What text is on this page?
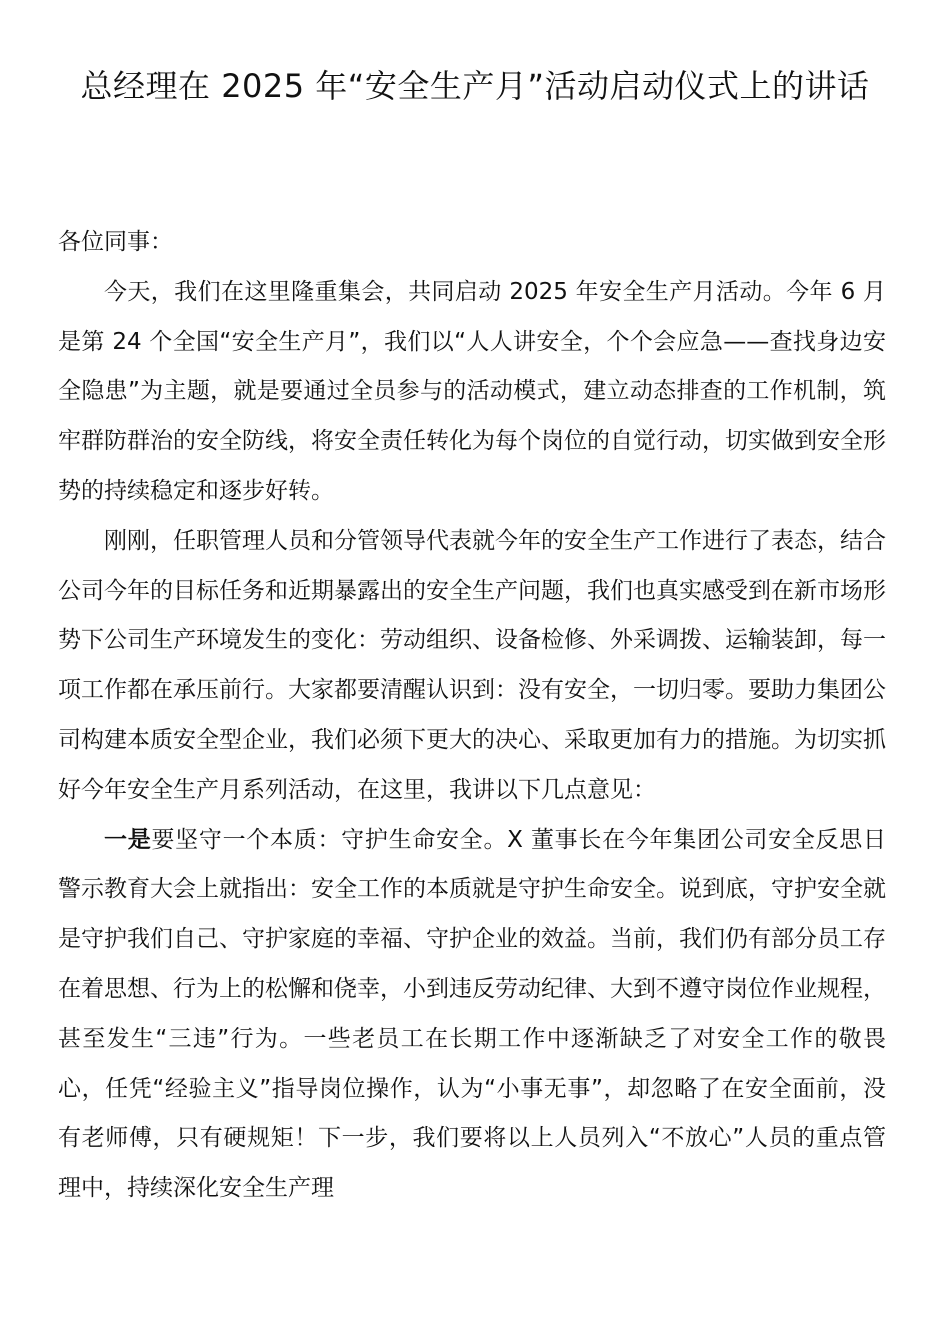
总经理在 2025 年“安全生产月”活动启动仪式上的讲话

各位同事：

今天，我们在这里隆重集会，共同启动 2025 年安全生产月活动。今年 6 月是第 24 个全国“安全生产月”，我们以“人人讲安全，个个会应急——查找身边安全隐患”为主题，就是要通过全员参与的活动模式，建立动态排查的工作机制，筑牢群防群治的安全防线，将安全责任转化为每个岗位的自觉行动，切实做到安全形势的持续稳定和逐步好转。

刚刚，任职管理人员和分管领导代表就今年的安全生产工作进行了表态，结合公司今年的目标任务和近期暴露出的安全生产问题，我们也真实感受到在新市场形势下公司生产环境发生的变化：劳动组织、设备检修、外采调拨、运输装卸，每一项工作都在承压前行。大家都要清醒认识到：没有安全，一切归零。要助力集团公司构建本质安全型企业，我们必须下更大的决心、采取更加有力的措施。为切实抓好今年安全生产月系列活动，在这里，我讲以下几点意见：

一是要坚守一个本质：守护生命安全。X 董事长在今年集团公司安全反思日警示教育大会上就指出：安全工作的本质就是守护生命安全。说到底，守护安全就是守护我们自己、守护家庭的幸福、守护企业的效益。当前，我们仍有部分员工存在着思想、行为上的松懈和侥幸，小到违反劳动纪律、大到不遵守岗位作业规程，甚至发生“三违”行为。一些老员工在长期工作中逐渐缺乏了对安全工作的敬畏心，任凭“经验主义”指导岗位操作，认为“小事无事”，却忽略了在安全面前，没有老师傅，只有硬规矩！下一步，我们要将以上人员列入“不放心”人员的重点管理中，持续深化安全生产理
